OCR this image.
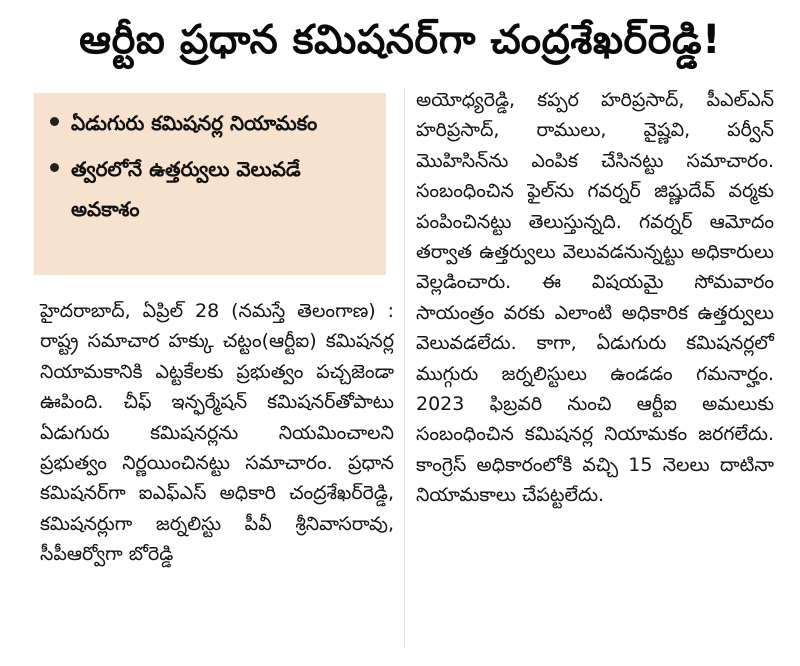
ఆర్టీఐ ప్రధాన కమిషనర్‌గా చంద్రశేఖర్‌రెడ్డి!
ఏడుగురు కమిషనర్ల నియామకం
త్వరలోనే ఉత్తర్వులు వెలువడే అవకాశం

హైదరాబాద్‌, ఏప్రిల్‌ 28 (నమస్తే తెలంగాణ) : రాష్ట్ర సమాచార హక్కు చట్టం(ఆర్టీఐ) కమిషనర్ల నియామకానికి ఎట్టకేలకు ప్రభుత్వం పచ్చజెండా ఊపింది. చీఫ్‌ ఇన్ఫర్మేషన్‌ కమిషనర్‌తోపాటు ఏడుగురు కమిషనర్లను నియమించాలని ప్రభుత్వం నిర్ణయించినట్టు సమాచారం. ప్రధాన కమిషనర్‌గా ఐఎఫ్‌ఎస్‌ అధికారి చంద్రశేఖర్‌రెడ్డి, కమిషనర్లుగా జర్నలిస్టు పీవీ శ్రీనివాసరావు, సీపీఆర్వోగా బోరెడ్డి

అయోధ్యరెడ్డి, కప్పర హరిప్రసాద్‌, పీఎల్‌ఎన్‌ హరిప్రసాద్‌, రాములు, వైష్ణవి, పర్వీన్‌ మొహిసిన్‌ను ఎంపిక చేసినట్టు సమాచారం. సంబంధించిన ఫైల్‌ను గవర్నర్‌ జిష్ణుదేవ్‌ వర్మకు పంపించినట్టు తెలుస్తున్నది. గవర్నర్‌ ఆమోదం తర్వాత ఉత్తర్వులు వెలువడనున్నట్టు అధికారులు వెల్లడించారు. ఈ విషయమై సోమవారం సాయంత్రం వరకు ఎలాంటి అధికారిక ఉత్తర్వులు వెలువడలేదు. కాగా, ఏడుగురు కమిషనర్లలో ముగ్గురు జర్నలిస్టులు ఉండడం గమనార్హం. 2023 ఫిబ్రవరి నుంచి ఆర్టీఐ అమలుకు సంబంధించిన కమిషనర్ల నియామకం జరగలేదు. కాంగ్రెస్‌ అధికారంలోకి వచ్చి 15 నెలలు దాటినా నియామకాలు చేపట్టలేదు.
